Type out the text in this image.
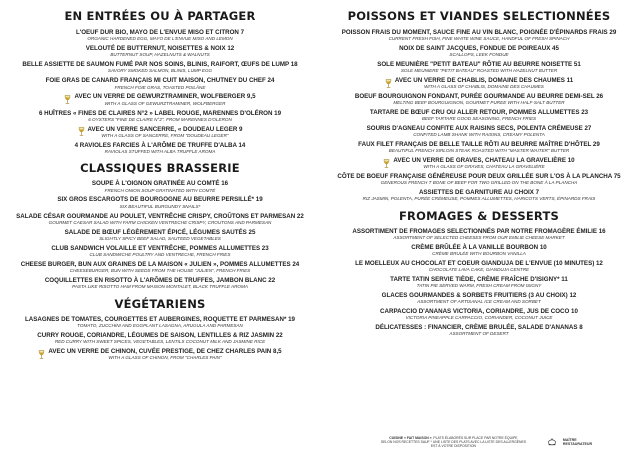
EN ENTRÉES OU À PARTAGER
L'OEUF DUR BIO, MAYO DE L'ENVUE MISO ET CITRON 7
ORGANIC HARDENED EGG, MAYO DE L'ENVUE MISO AND LEMON
VELOUTÉ DE BUTTERNUT, NOISETTES & NOIX 12
BUTTERNUT SOUP, HAZELNUTS & WALNUTS
BELLE ASSIETTE DE SAUMON FUMÉ PAR NOS SOINS, BLINIS, RAIFORT, ŒUFS DE LUMP 18
SAVORY SMOKED SALMON, BLINIS, LUMP EGG
FOIE GRAS DE CANARD FRANÇAIS MI CUIT MAISON, CHUTNEY DU CHEF 24
FRENCH FOIE GRAS, TOASTED POILÂNE
AVEC UN VERRE DE GEWURZTRAMINER, WOLFBERGER 9,5
WITH A GLASS OF GEWURZTRAMINER, WOLFBERGER
6 HUÎTRES « FINES DE CLAIRES N°2 » LABEL ROUGE, MARENNES D'OLÉRON 19
6 OYSTERS "FINE DE CLAIRE N°2", FROM MARENNES D'OLERON
AVEC UN VERRE SANCERRE, « DOUDEAU LEGER 9
WITH A GLASS OF SANCERRE, FROM "DOUDEAU LEGER"
4 RAVIOLES FARCIES À L'ARÔME DE TRUFFE D'ALBA 14
RAVIOLAS STUFFED WITH ALBA TRUFFLE AROMA
CLASSIQUES BRASSERIE
SOUPE À L'OIGNON GRATINÉE AU COMTÉ 16
FRENCH ONION SOUP GRATINATED WITH COMTÉ
SIX GROS ESCARGOTS DE BOURGOGNE AU BEURRE PERSILLÉ* 19
SIX BEAUTIFUL BURGUNDY SNAILS*
SALADE CÉSAR GOURMANDE AU POULET, VENTRÊCHE CRISPY, CROÛTONS ET PARMESAN 22
GOURMET CAESAR SALAD WITH FARM CHICKEN VENTRECHE CRISPY, CROUTONS AND PARMESAN
SALADE DE BŒUF LÉGÈREMENT ÉPICÉ, LÉGUMES SAUTÉS 25
SLIGHTLY SPICY BEEF SALAD, SAUTEED VEGETABLES
CLUB SANDWICH VOLAILLE ET VENTRÊCHE, POMMES ALLUMETTES 23
CLUB SANDWICHE POULTRY AND VENTRECHE, FRENCH FRIES
CHEESE BURGER, BUN AUX GRAINES DE LA MAISON « JULIEN », POMMES ALLUMETTES 24
CHEESEBURGER, BUN WITH SEEDS FROM THE HOUSE "JULIEN", FRENCH FRIES
COQUILLETTES EN RISOTTO À L'ARÔMES DE TRUFFES, JAMBON BLANC 22
PASTA LIKE RISOTTO HAM FROM MAISON MONTALET, BLACK TRUFFLE AROMA
VÉGÉTARIENS
LASAGNES DE TOMATES, COURGETTES ET AUBERGINES, ROQUETTE ET PARMESAN* 19
TOMATO, ZUCCHINI AND EGGPLANT LASAGNA, ARUGULA AND PARMESAN
CURRY ROUGE, CORIANDRE, LÉGUMES DE SAISON, LENTILLES & RIZ JASMIN 22
RED CURRY WITH SWEET SPICES, VEGETABLES, LENTILS COCONUT MILK AND JASMINE RICE
AVEC UN VERRE DE CHINON, CUVÉE PRESTIGE, DE CHEZ CHARLES PAIN 8,5
WITH A GLASS OF CHINON, FROM "CHARLES PAIN"
POISSONS ET VIANDES SELECTIONNÉES
POISSON FRAIS DU MOMENT, SAUCE FINE AU VIN BLANC, POIGNÉE D'ÉPINARDS FRAIS 29
CURRENT FRESH FISH, FINE WHITE WINE SAUCE, HANDFUL OF FRESH SPINACH
NOIX DE SAINT JACQUES, FONDUE DE POIREAUX 45
SCALLOPS, LEEK FONDUE
SOLE MEUNIÈRE "PETIT BATEAU" RÔTIE AU BEURRE NOISETTE 51
SOLE MEUNIERE "PETIT BATEAU" ROASTED WITH HAZELNUT BUTTER
AVEC UN VERRE DE CHABLIS, DOMAINE DES CHAUMES 11
WITH A GLASS OF CHABLIS, DOMAINE DES CHAUMES
BOEUF BOURGUIGNON FONDANT, PURÉE GOURMANDE AU BEURRE DEMI-SEL 26
MELTING BEEF BOURGUIGNON, GOURMET PUREE WITH HALF-SALT BUTTER
TARTARE DE BŒUF CRU OU ALLER RETOUR, POMMES ALLUMETTES 23
BEEF TARTARE GOOD SEASONING, FRENCH FRIES
SOURIS D'AGNEAU CONFITE AUX RAISINS SECS, POLENTA CRÉMEUSE 27
CONFITED LAMB SHANK WITH RAISINS, CREAMY POLENTA
FAUX FILET FRANÇAIS DE BELLE TAILLE RÔTI AU BEURRE MAÎTRE D'HÔTEL 29
BEAUTIFUL FRENCH SIRLOIN STEAK ROASTED WITH "MASTER WAITER" BUTTER
AVEC UN VERRE DE GRAVES, CHATEAU LA GRAVELIÈRE 10
WITH A GLASS OF GRAVES, CHATEAU LA GRAVELIÈRE
CÔTE DE BOEUF FRANÇAISE GÉNÉREUSE POUR DEUX GRILLÉE SUR L'OS À LA PLANCHA 75
GENEROUS FRENCH T BONE OF BEEF FOR TWO GRILLED ON THE BONE À LA PLANCHA
ASSIETTES DE GARNITURE AU CHOIX 7
RIZ JASMIN, POLENTA, PURÉE CRÉMEUSE, POMMES ALLUMETTES, HARICOTS VERTS, ÉPINARDS FRAIS
FROMAGES & DESSERTS
ASSORTIMENT DE FROMAGES SELECTIONNÉS PAR NOTRE FROMAGÈRE ÉMILIE 16
ASSORTMENT OF SELECTED CHEESES FROM OUR EMILIE CHEESE MARKET
CRÈME BRÛLÉE À LA VANILLE BOURBON 10
CRÈME BRULÉE WITH BOURBON VANILLA
LE MOELLEUX AU CHOCOLAT ET COEUR GIANDUJA DE L'ENVUE (10 MINUTES) 12
CHOCOLATE LAVA CAKE, GIANDUJA CENTRE
TARTE TATIN SERVIE TIÈDE, CRÈME FRAÎCHE D'ISIGNY* 11
TATIN PIE SERVED WARM, FRESH CREAM FROM ISIGNY
GLACES GOURMANDES & SORBETS FRUITIERS (3 AU CHOIX) 12
ASSORTMENT OF ARTISANAL ICE CREAM AND SORBET
CARPACCIO D'ANANAS VICTORIA, CORIANDRE, JUS DE COCO 10
VICTORIA PINEAPPLE CARPACCIO, CORIANDER, COCONUT JUICE
DÉLICATESSES : FINANCIER, CRÈME BRULÉE, SALADE D'ANANAS 8
ASSORTMENT OF DESERT
CUISINE « FAIT MAISON », PLATS ÉLABORÉS SUR PLACE PAR NOTRE ÉQUIPE
SELON NOS RECETTES SAUF * UNE LISTE DES PLATS AVEC LA LISTE DES ALLERGÈNES
EST À VOTRE DISPOSITION
MAÎTRE
RESTAURATEUR
